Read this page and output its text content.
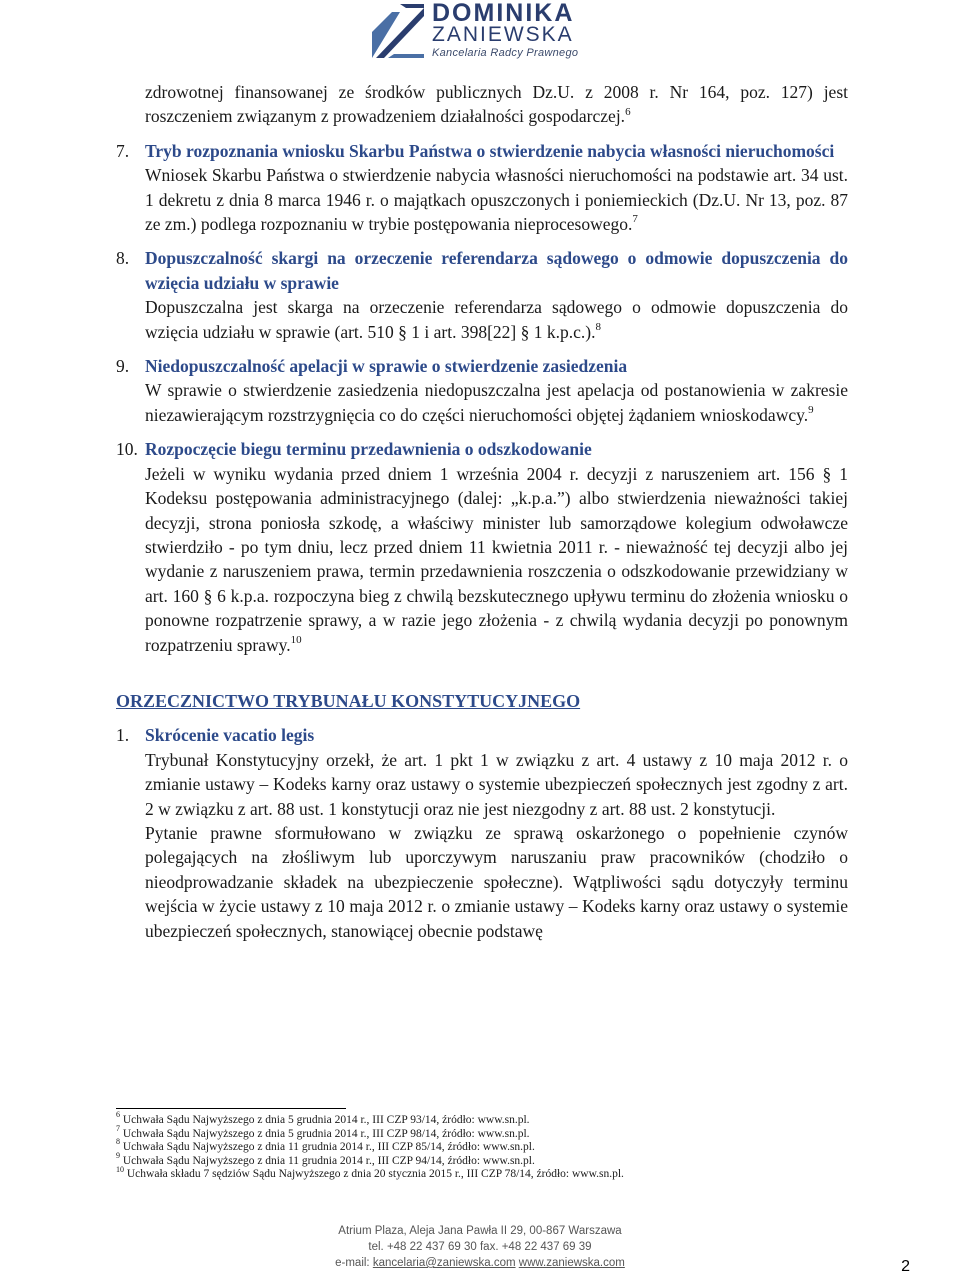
DOMINIKA
ZANIEWSKA
Kancelaria Radcy Prawnego

zdrowotnej finansowanej ze środków publicznych Dz.U. z 2008 r. Nr 164, poz. 127) jest roszczeniem związanym z prowadzeniem działalności gospodarczej.$^6$

7. Tryb rozpoznania wniosku Skarbu Państwa o stwierdzenie nabycia własności nieruchomości

Wniosek Skarbu Państwa o stwierdzenie nabycia własności nieruchomości na podstawie art. 34 ust. 1 dekretu z dnia 8 marca 1946 r. o majątkach opuszczonych i poniemieckich (Dz.U. Nr 13, poz. 87 ze zm.) podlega rozpoznaniu w trybie postępowania nieprocesowego.$^7$

8. Dopuszczalność skargi na orzeczenie referendarza sądowego o odmowie dopuszczenia do wzięcia udziału w sprawie

Dopuszczalna jest skarga na orzeczenie referendarza sądowego o odmowie dopuszczenia do wzięcia udziału w sprawie (art. 510 § 1 i art. 398[22] § 1 k.p.c.).$^8$

9. Niedopuszczalność apelacji w sprawie o stwierdzenie zasiedzenia

W sprawie o stwierdzenie zasiedzenia niedopuszczalna jest apelacja od postanowienia w zakresie niezawierającym rozstrzygnięcia co do części nieruchomości objętej żądaniem wnioskodawcy.$^9$

10. Rozpoczęcie biegu terminu przedawnienia o odszkodowanie

Jeżeli w wyniku wydania przed dniem 1 września 2004 r. decyzji z naruszeniem art. 156 § 1 Kodeksu postępowania administracyjnego (dalej: „k.p.a.”) albo stwierdzenia nieważności takiej decyzji, strona poniosła szkodę, a właściwy minister lub samorządowe kolegium odwoławcze stwierdziło - po tym dniu, lecz przed dniem 11 kwietnia 2011 r. - nieważność tej decyzji albo jej wydanie z naruszeniem prawa, termin przedawnienia roszczenia o odszkodowanie przewidziany w art. 160 § 6 k.p.a. rozpoczyna bieg z chwilą bezskutecznego upływu terminu do złożenia wniosku o ponowne rozpatrzenie sprawy, a w razie jego złożenia - z chwilą wydania decyzji po ponownym rozpatrzeniu sprawy.$^{10}$

ORZECZNICTWO TRYBUNAŁU KONSTYTUCYJNEGO
1. Skrócenie vacatio legis

Trybunał Konstytucyjny orzekł, że art. 1 pkt 1 w związku z art. 4 ustawy z 10 maja 2012 r. o zmianie ustawy – Kodeks karny oraz ustawy o systemie ubezpieczeń społecznych jest zgodny z art. 2 w związku z art. 88 ust. 1 konstytucji oraz nie jest niezgodny z art. 88 ust. 2 konstytucji.

Pytanie prawne sformułowano w związku ze sprawą oskarżonego o popełnienie czynów polegających na złośliwym lub uporczywym naruszaniu praw pracowników (chodziło o nieodprowadzanie składek na ubezpieczenie społeczne). Wątpliwości sądu dotyczyły terminu wejścia w życie ustawy z 10 maja 2012 r. o zmianie ustawy – Kodeks karny oraz ustawy o systemie ubezpieczeń społecznych, stanowiącej obecnie podstawę

$^6$ Uchwała Sądu Najwyższego z dnia 5 grudnia 2014 r., III CZP 93/14, źródło: www.sn.pl.
$^7$ Uchwała Sądu Najwyższego z dnia 5 grudnia 2014 r., III CZP 98/14, źródło: www.sn.pl.
$^8$ Uchwała Sądu Najwyższego z dnia 11 grudnia 2014 r., III CZP 85/14, źródło: www.sn.pl.
$^9$ Uchwała Sądu Najwyższego z dnia 11 grudnia 2014 r., III CZP 94/14, źródło: www.sn.pl.
$^{10}$ Uchwała składu 7 sędziów Sądu Najwyższego z dnia 20 stycznia 2015 r., III CZP 78/14, źródło: www.sn.pl.
Atrium Plaza, Aleja Jana Pawła II 29, 00-867 Warszawa
tel. +48 22 437 69 30 fax. +48 22 437 69 39
e-mail: kancelaria@zaniewska.com www.zaniewska.com	2
